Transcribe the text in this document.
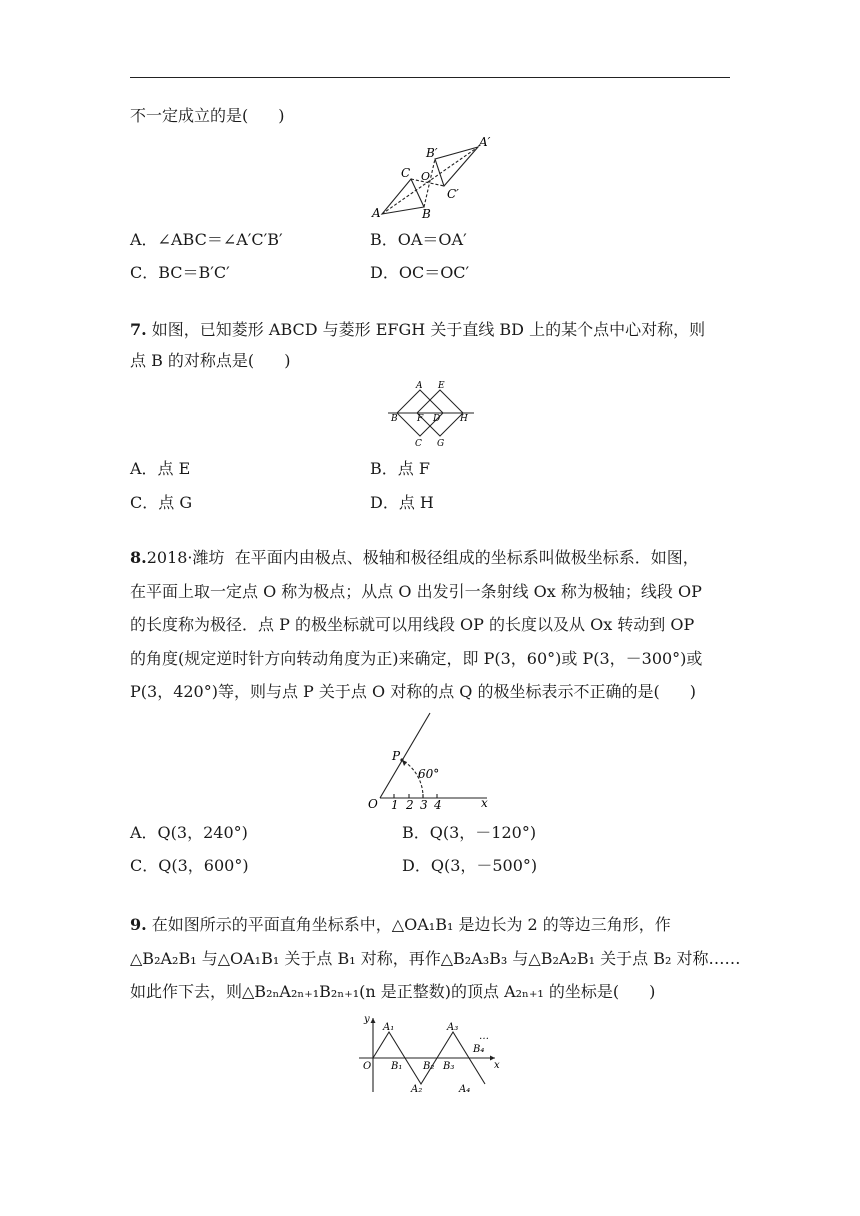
不一定成立的是( )
A	B
C O
A′
B′
C′
A．∠ABC＝∠A′C′B′	B．OA＝OA′
C．BC＝B′C′	D．OC＝OC′
7. 如图，已知菱形 ABCD 与菱形 EFGH 关于直线 BD 上的某个点中心对称，则
点 B 的对称点是( )
A E
B F D H
C G
A．点 E	B．点 F
C．点 G	D．点 H
8.2018·潍坊 在平面内由极点、极轴和极径组成的坐标系叫做极坐标系．如图，
在平面上取一定点 O 称为极点；从点 O 出发引一条射线 Ox 称为极轴；线段 OP
的长度称为极径．点 P 的极坐标就可以用线段 OP 的长度以及从 Ox 转动到 OP
的角度(规定逆时针方向转动角度为正)来确定，即 P(3，60°)或 P(3，－300°)或
P(3，420°)等，则与点 P 关于点 O 对称的点 Q 的极坐标表示不正确的是( )
O
P
x
60°
1 2 3 4
A．Q(3，240°)	B．Q(3，－120°)
C．Q(3，600°)	D．Q(3，－500°)
9. 在如图所示的平面直角坐标系中，△OA₁B₁ 是边长为 2 的等边三角形，作
△B₂A₂B₁ 与△OA₁B₁ 关于点 B₁ 对称，再作△B₂A₃B₃ 与△B₂A₂B₁ 关于点 B₂ 对称……
如此作下去，则△B₂ₙA₂ₙ₊₁B₂ₙ₊₁(n 是正整数)的顶点 A₂ₙ₊₁ 的坐标是( )
y
x
O
A₁	A₃
B₁ B₂ B₃
B₄
A₂	A₄
…
